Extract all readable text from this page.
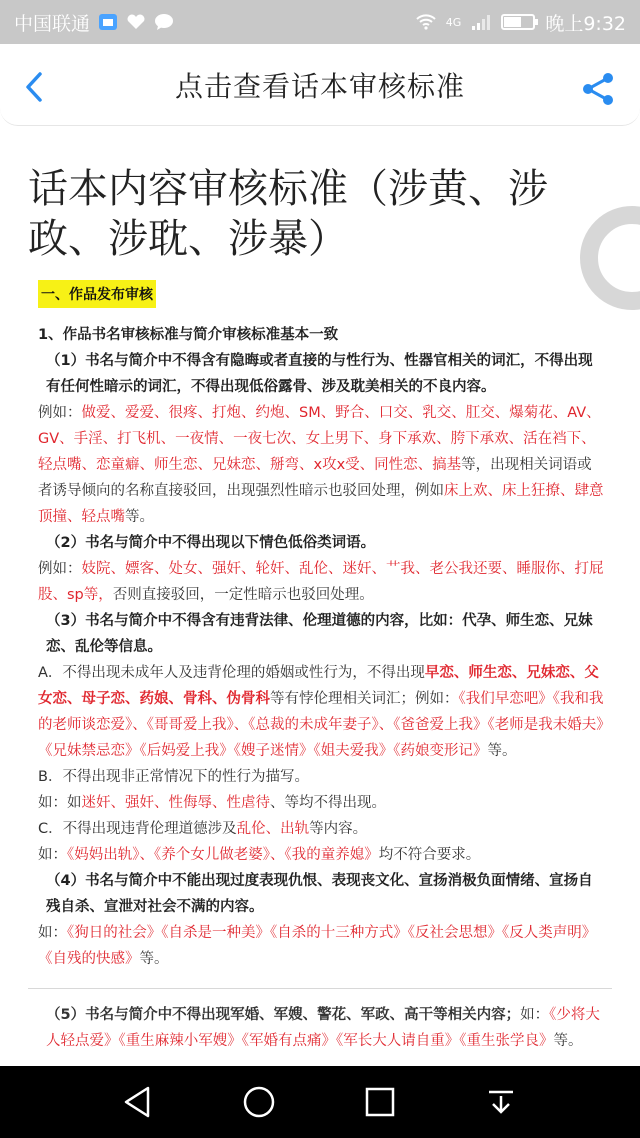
中国联通	4G	晚上9:32
点击查看话本审核标准
话本内容审核标准（涉黄、涉政、涉耽、涉暴）
一、作品发布审核

1、作品书名审核标准与简介审核标准基本一致

（1）书名与简介中不得含有隐晦或者直接的与性行为、性器官相关的词汇，不得出现有任何性暗示的词汇，不得出现低俗露骨、涉及耽美相关的不良内容。

例如：做爱、爱爱、很疼、打炮、约炮、SM、野合、口交、乳交、肛交、爆菊花、AV、GV、手淫、打飞机、一夜情、一夜七次、女上男下、身下承欢、胯下承欢、活在裆下、轻点嘴、恋童癖、师生恋、兄妹恋、掰弯、x攻x受、同性恋、搞基等，出现相关词语或者诱导倾向的名称直接驳回，出现强烈性暗示也驳回处理，例如床上欢、床上狂撩、肆意顶撞、轻点嘴等。

（2）书名与简介中不得出现以下情色低俗类词语。

例如：妓院、嫖客、处女、强奸、轮奸、乱伦、迷奸、艹我、老公我还要、睡服你、打屁股、sp等，否则直接驳回，一定性暗示也驳回处理。

（3）书名与简介中不得含有违背法律、伦理道德的内容，比如：代孕、师生恋、兄妹恋、乱伦等信息。

A．不得出现未成年人及违背伦理的婚姻或性行为，不得出现早恋、师生恋、兄妹恋、父女恋、母子恋、药娘、骨科、伪骨科等有悖伦理相关词汇；例如：《我们早恋吧》《我和我的老师谈恋爱》、《哥哥爱上我》、《总裁的未成年妻子》、《爸爸爱上我》《老师是我未婚夫》《兄妹禁忌恋》《后妈爱上我》《嫂子迷情》《姐夫爱我》《药娘变形记》等。

B．不得出现非正常情况下的性行为描写。

如：如迷奸、强奸、性侮辱、性虐待、等均不得出现。

C．不得出现违背伦理道德涉及乱伦、出轨等内容。

如：《妈妈出轨》、《养个女儿做老婆》、《我的童养媳》均不符合要求。

（4）书名与简介中不能出现过度表现仇恨、表现丧文化、宣扬消极负面情绪、宣扬自残自杀、宣泄对社会不满的内容。

如：《狗日的社会》《自杀是一种美》《自杀的十三种方式》《反社会思想》《反人类声明》《自残的快感》等。

（5）书名与简介中不得出现军婚、军嫂、警花、军政、高干等相关内容；如：《少将大人轻点爱》《重生麻辣小军嫂》《军婚有点痛》《军长大人请自重》《重生张学良》等。
